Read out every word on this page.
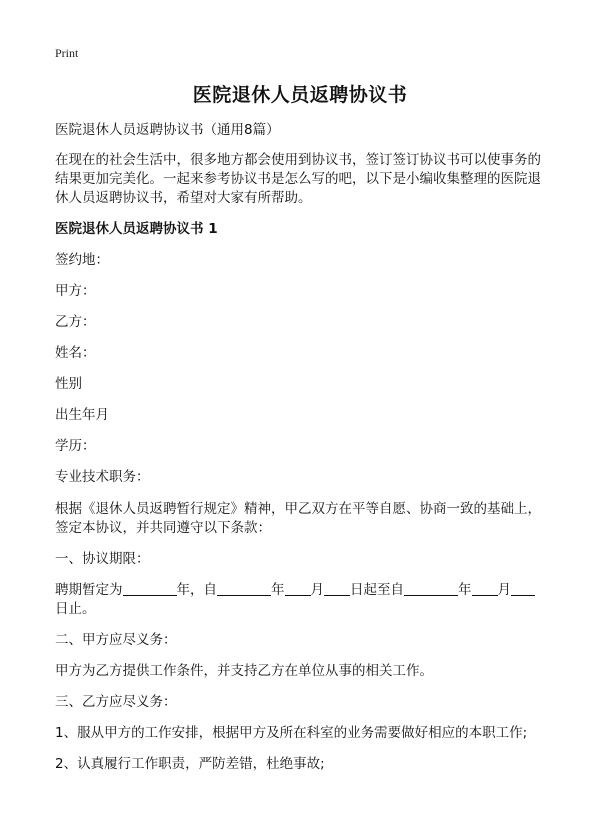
Print
医院退休人员返聘协议书
医院退休人员返聘协议书（通用8篇）
在现在的社会生活中，很多地方都会使用到协议书，签订签订协议书可以使事务的
结果更加完美化。一起来参考协议书是怎么写的吧，以下是小编收集整理的医院退
休人员返聘协议书，希望对大家有所帮助。
医院退休人员返聘协议书 1
签约地：
甲方：
乙方：
姓名：
性别
出生年月
学历：
专业技术职务：
根据《退休人员返聘暂行规定》精神，甲乙双方在平等自愿、协商一致的基础上，
签定本协议，并共同遵守以下条款：
一、协议期限：
聘期暂定为	年，自	年 月 日起至自	年 月
日止。
二、甲方应尽义务：
甲方为乙方提供工作条件，并支持乙方在单位从事的相关工作。
三、乙方应尽义务：
1、服从甲方的工作安排，根据甲方及所在科室的业务需要做好相应的本职工作;
2、认真履行工作职责，严防差错，杜绝事故;
